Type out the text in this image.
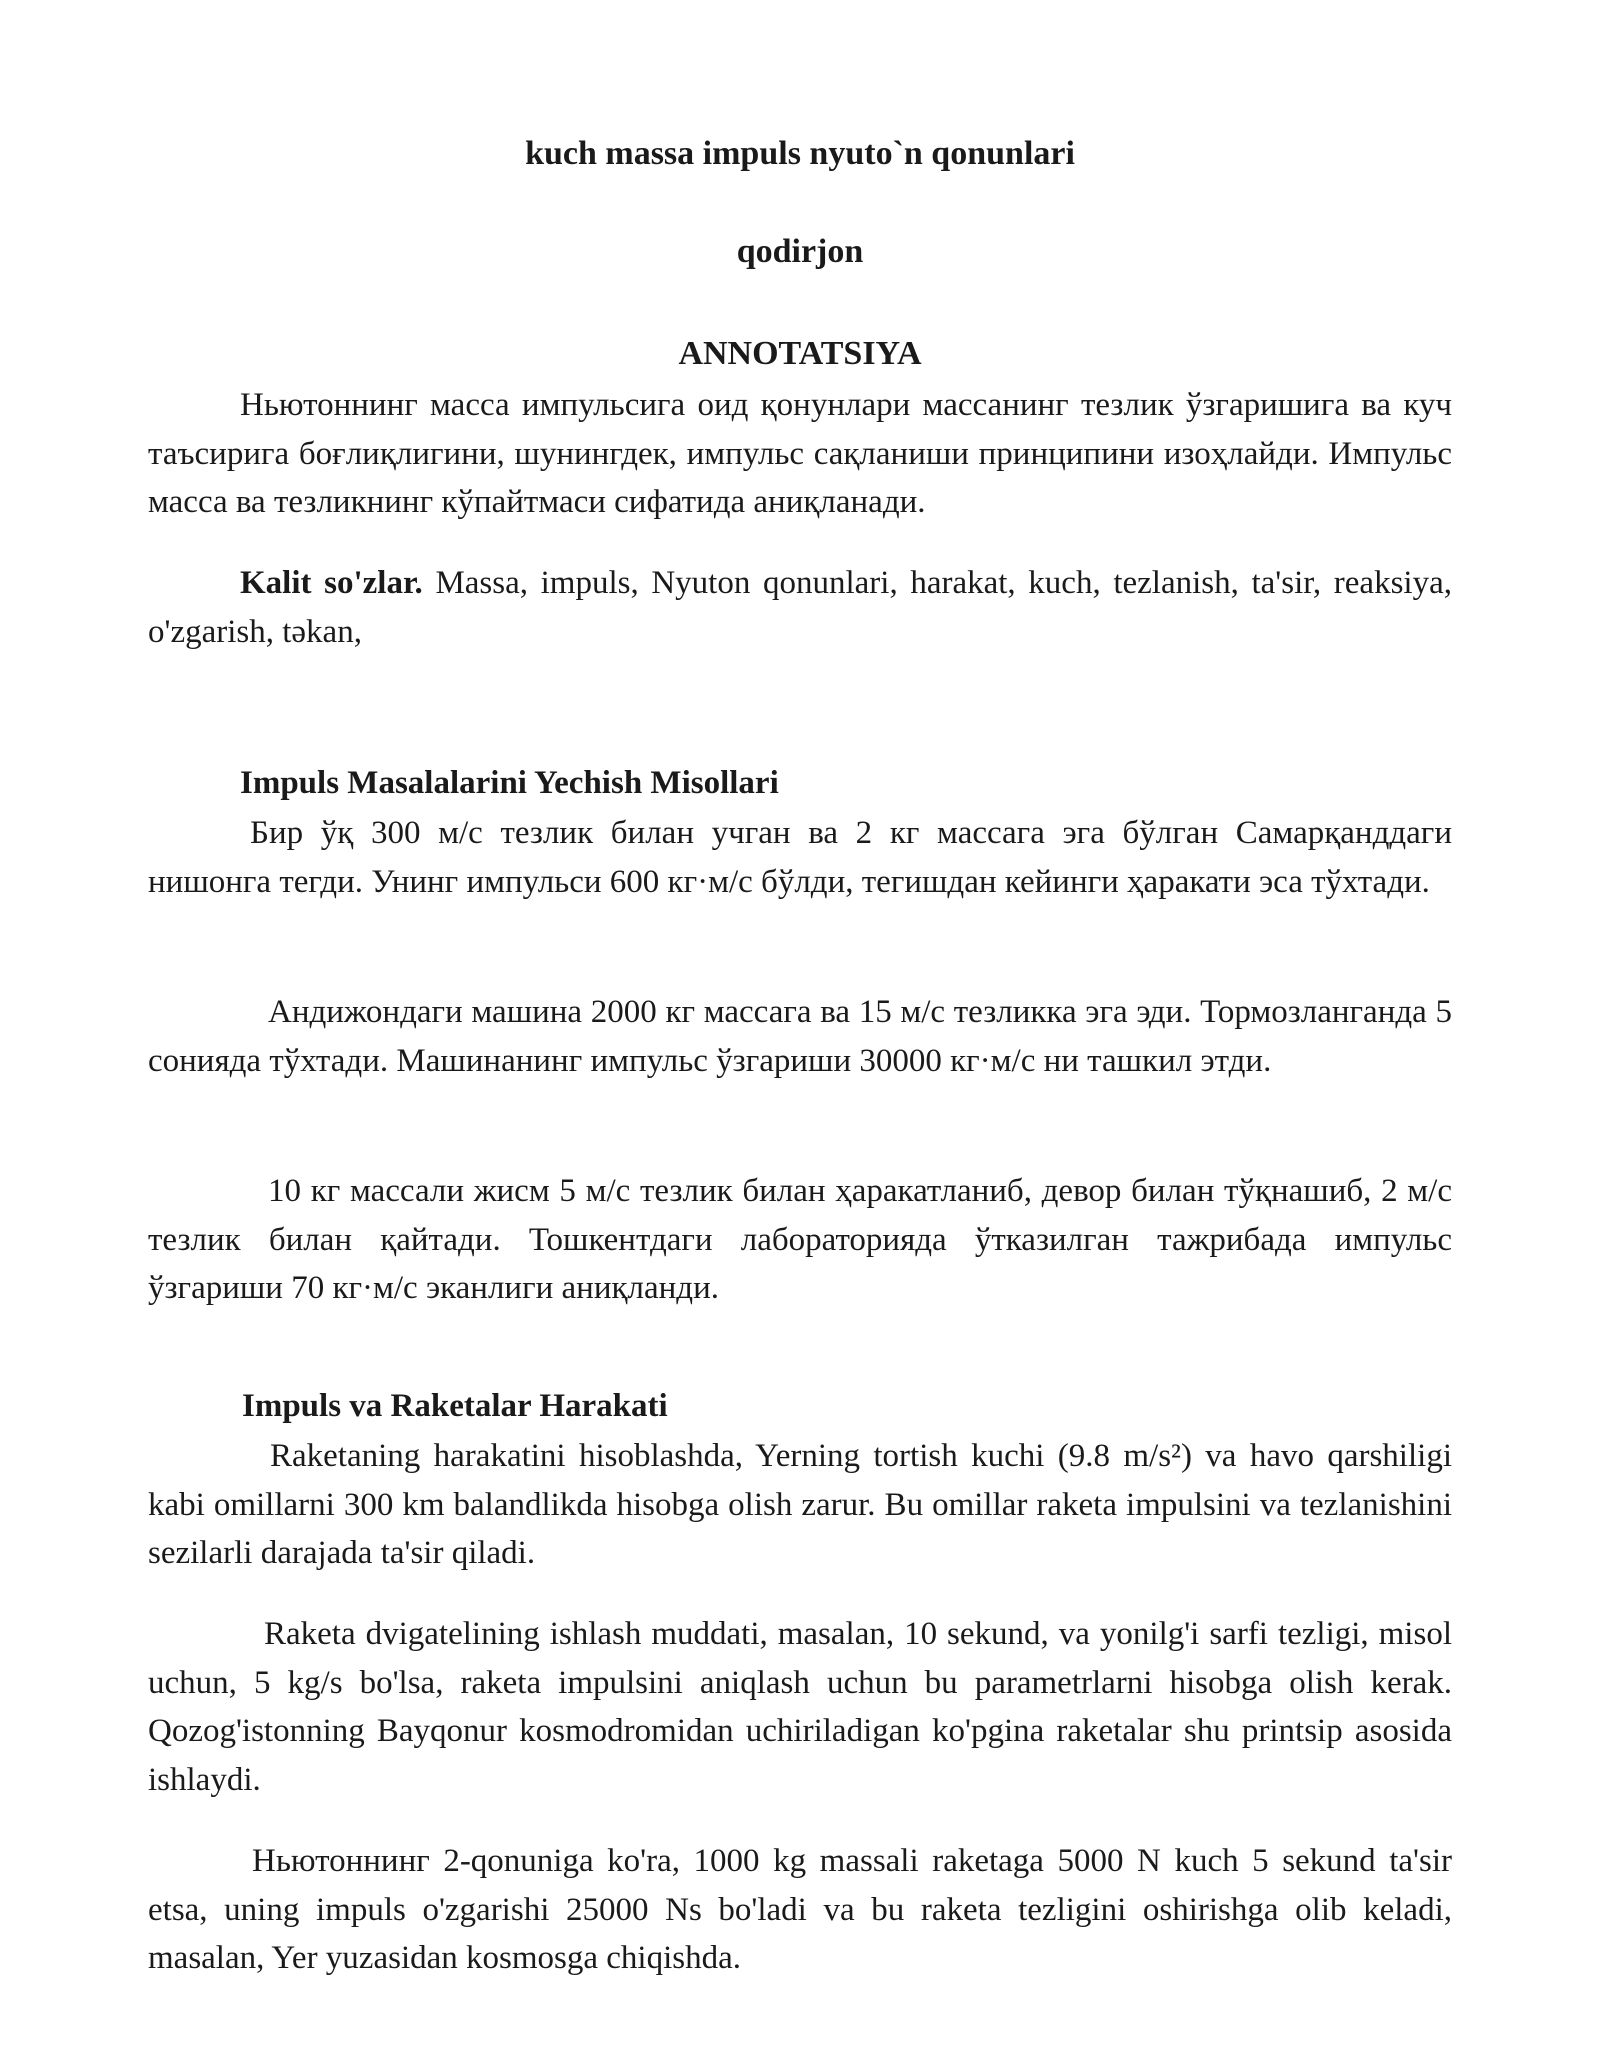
kuch massa impuls nyuto`n qonunlari
qodirjon
ANNOTATSIYA

Ньютоннинг масса импульсига оид қонунлари массанинг тезлик ўзгаришига ва куч таъсирига боғлиқлигини, шунингдек, импульс сақланиши принципини изоҳлайди. Импульс масса ва тезликнинг кўпайтмаси сифатида аниқланади.

Kalit so'zlar. Massa, impuls, Nyuton qonunlari, harakat, kuch, tezlanish, ta'sir, reaksiya, o'zgarish, təkan,

Impuls Masalalarini Yechish Misollari

Бир ўқ 300 м/с тезлик билан учган ва 2 кг массага эга бўлган Самарқанддаги нишонга тегди. Унинг импульси 600 кг·м/с бўлди, тегишдан кейинги ҳаракати эса тўхтади.

Андижондаги машина 2000 кг массага ва 15 м/с тезликка эга эди. Тормозланганда 5 сонияда тўхтади. Машинанинг импульс ўзгариши 30000 кг·м/с ни ташкил этди.

10 кг массали жисм 5 м/с тезлик билан ҳаракатланиб, девор билан тўқнашиб, 2 м/с тезлик билан қайтади. Тошкентдаги лабораторияда ўтказилган тажрибада импульс ўзгариши 70 кг·м/с эканлиги аниқланди.

Impuls va Raketalar Harakati

Raketaning harakatini hisoblashda, Yerning tortish kuchi (9.8 m/s²) va havo qarshiligi kabi omillarni 300 km balandlikda hisobga olish zarur. Bu omillar raketa impulsini va tezlanishini sezilarli darajada ta'sir qiladi.

Raketa dvigatelining ishlash muddati, masalan, 10 sekund, va yonilg'i sarfi tezligi, misol uchun, 5 kg/s bo'lsa, raketa impulsini aniqlash uchun bu parametrlarni hisobga olish kerak. Qozog'istonning Bayqonur kosmodromidan uchiriladigan ko'pgina raketalar shu printsip asosida ishlaydi.

Ньютоннинг 2-qonuniga ko'ra, 1000 kg massali raketaga 5000 N kuch 5 sekund ta'sir etsa, uning impuls o'zgarishi 25000 Ns bo'ladi va bu raketa tezligini oshirishga olib keladi, masalan, Yer yuzasidan kosmosga chiqishda.
